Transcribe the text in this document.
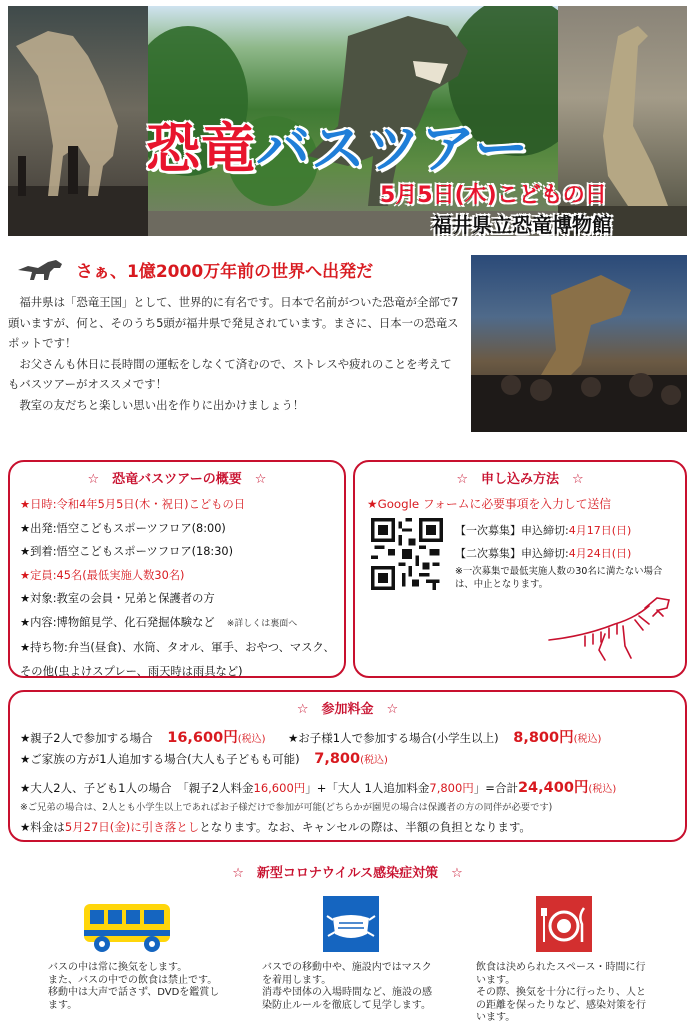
恐竜バスツアー
5月5日(木)こどもの日
福井県立恐竜博物館
さぁ、1億2000万年前の世界へ出発だ

福井県は「恐竜王国」として、世界的に有名です。日本で名前がついた恐竜が全部で7頭いますが、何と、そのうち5頭が福井県で発見されています。まさに、日本一の恐竜スポットです！

お父さんも休日に長時間の運転をしなくて済むので、ストレスや疲れのことを考えてもバスツアーがオススメです！

教室の友だちと楽しい思い出を作りに出かけましょう！

☆　恐竜バスツアーの概要　☆
★日時:令和4年5月5日(木・祝日)こどもの日
★出発:悟空こどもスポーツフロア(8:00)
★到着:悟空こどもスポーツフロア(18:30)
★定員:45名(最低実施人数30名)
★対象:教室の会員・兄弟と保護者の方
★内容:博物館見学、化石発掘体験など ※詳しくは裏面へ
★持ち物:弁当(昼食)、水筒、タオル、軍手、おやつ、マスク、
その他(虫よけスプレー、雨天時は雨具など)
☆　申し込み方法　☆
★Google フォームに必要事項を入力して送信
【一次募集】申込締切:4月17日(日)
【二次募集】申込締切:4月24日(日)
※一次募集で最低実施人数の30名に満たない場合は、中止となります。
☆　参加料金　☆
★親子2人で参加する場合 16,600円(税込) ★お子様1人で参加する場合(小学生以上) 8,800円(税込)
★ご家族の方が1人追加する場合(大人も子どもも可能) 7,800(税込)
★大人2人、子ども1人の場合　「親子2人料金16,600円」+「大人 1人追加料金7,800円」=合計24,400円(税込)
※ご兄弟の場合は、2人とも小学生以上であればお子様だけで参加が可能(どちらかが園児の場合は保護者の方の同伴が必要です)
★料金は5月27日(金)に引き落としとなります。なお、キャンセルの際は、半額の負担となります。
☆　新型コロナウイルス感染症対策　☆
バスの中は常に換気をします。
また、バスの中での飲食は禁止です。
移動中は大声で話さず、DVDを鑑賞します。
バスでの移動中や、施設内ではマスクを着用します。
消毒や団体の入場時間など、施設の感染防止ルールを徹底して見学します。
飲食は決められたスペース・時間に行います。
その際、換気を十分に行ったり、人との距離を保ったりなど、感染対策を行います。
